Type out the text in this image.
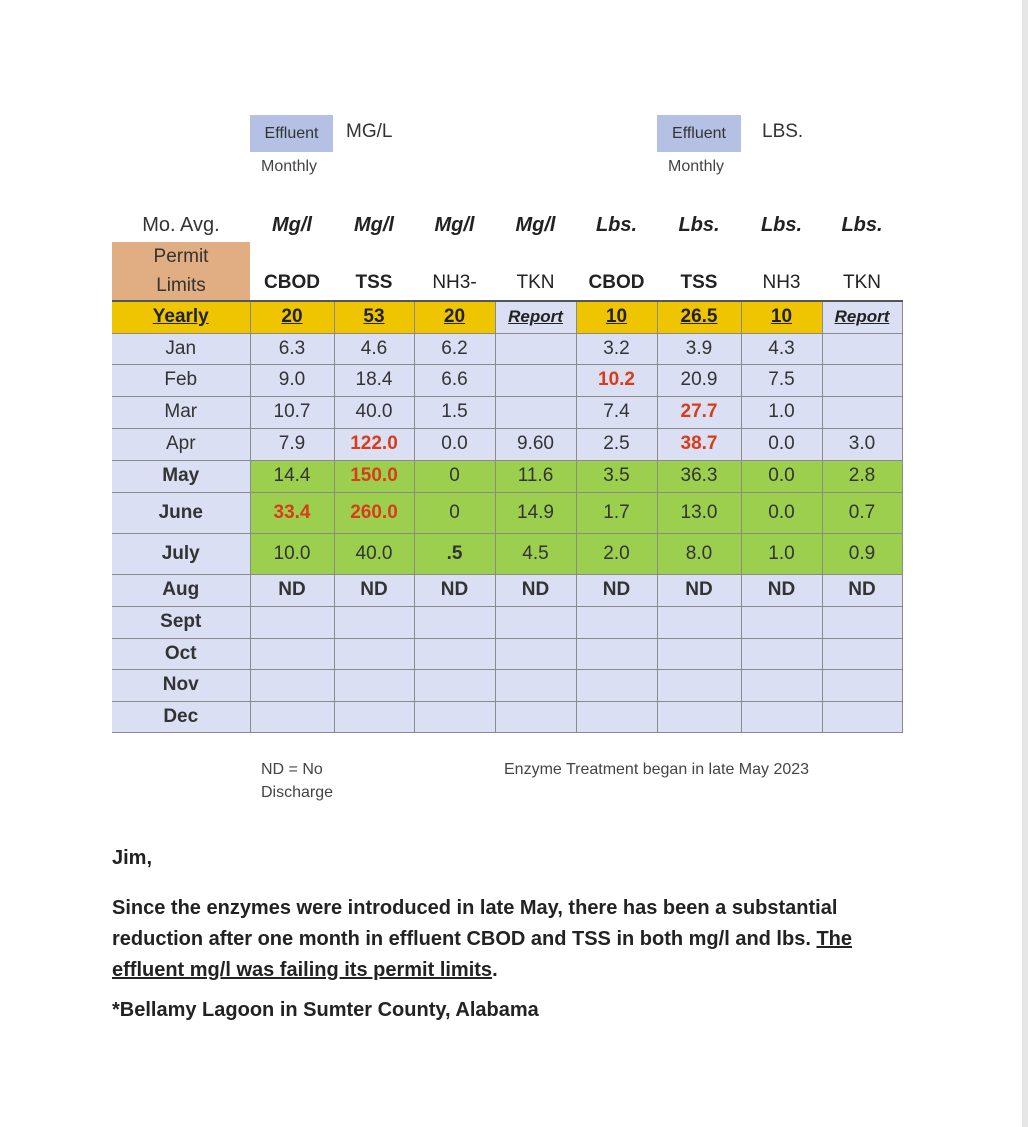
Effluent	MG/L
Monthly
Effluent	LBS.
Monthly
Mo. Avg.
Permit
Limits
Mg/l	Mg/l	Mg/l	Mg/l	Lbs.	Lbs.	Lbs.	Lbs.
CBOD	TSS	NH3-	TKN	CBOD	TSS	NH3	TKN
Yearly	20	53	20	Report	10	26.5	10	Report
Jan	6.3	4.6	6.2		3.2	3.9	4.3	
Feb	9.0	18.4	6.6		10.2	20.9	7.5	
Mar	10.7	40.0	1.5		7.4	27.7	1.0	
Apr	7.9	122.0	0.0	9.60	2.5	38.7	0.0	3.0
May	14.4	150.0	0	11.6	3.5	36.3	0.0	2.8
June	33.4	260.0	0	14.9	1.7	13.0	0.0	0.7
July	10.0	40.0	.5	4.5	2.0	8.0	1.0	0.9
Aug	ND	ND	ND	ND	ND	ND	ND	ND
Sept								
Oct								
Nov								
Dec								
ND = No
Discharge
Enzyme Treatment began in late May 2023
Jim,
Since the enzymes were introduced in late May, there has been a substantial reduction after one month in effluent CBOD and TSS in both mg/l and lbs. The effluent mg/l was failing its permit limits.
*Bellamy Lagoon in Sumter County, Alabama
